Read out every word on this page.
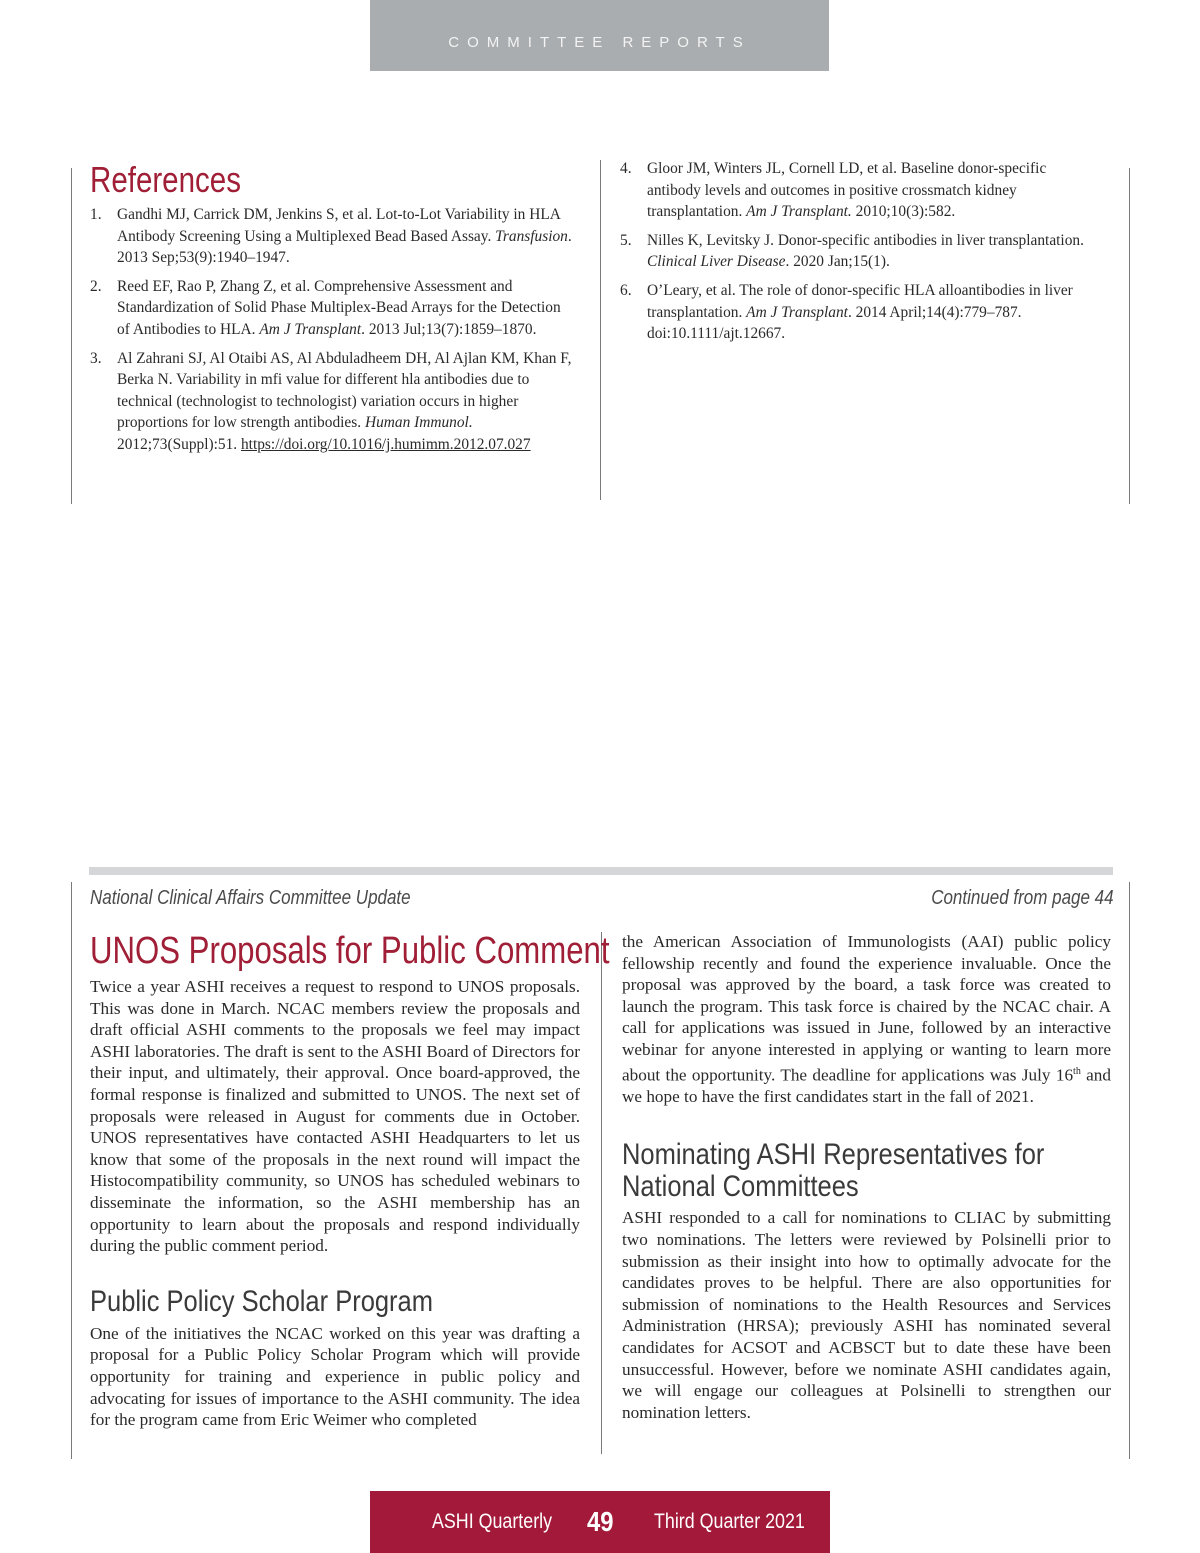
COMMITTEE REPORTS
References
1. Gandhi MJ, Carrick DM, Jenkins S, et al. Lot-to-Lot Variability in HLA Antibody Screening Using a Multiplexed Bead Based Assay. Transfusion. 2013 Sep;53(9):1940–1947.
2. Reed EF, Rao P, Zhang Z, et al. Comprehensive Assessment and Standardization of Solid Phase Multiplex-Bead Arrays for the Detection of Antibodies to HLA. Am J Transplant. 2013 Jul;13(7):1859–1870.
3. Al Zahrani SJ, Al Otaibi AS, Al Abduladheem DH, Al Ajlan KM, Khan F, Berka N. Variability in mfi value for different hla antibodies due to technical (technologist to technologist) variation occurs in higher proportions for low strength antibodies. Human Immunol. 2012;73(Suppl):51. https://doi.org/10.1016/j.humimm.2012.07.027
4. Gloor JM, Winters JL, Cornell LD, et al. Baseline donor-specific antibody levels and outcomes in positive crossmatch kidney transplantation. Am J Transplant. 2010;10(3):582.
5. Nilles K, Levitsky J. Donor-specific antibodies in liver transplantation. Clinical Liver Disease. 2020 Jan;15(1).
6. O’Leary, et al. The role of donor-specific HLA alloantibodies in liver transplantation. Am J Transplant. 2014 April;14(4):779–787. doi:10.1111/ajt.12667.
National Clinical Affairs Committee Update	Continued from page 44
UNOS Proposals for Public Comment

Twice a year ASHI receives a request to respond to UNOS proposals. This was done in March. NCAC members review the proposals and draft official ASHI comments to the proposals we feel may impact ASHI laboratories. The draft is sent to the ASHI Board of Directors for their input, and ultimately, their approval. Once board-approved, the formal response is finalized and submitted to UNOS. The next set of proposals were released in August for comments due in October. UNOS representatives have contacted ASHI Headquarters to let us know that some of the proposals in the next round will impact the Histocompatibility community, so UNOS has scheduled webinars to disseminate the information, so the ASHI membership has an opportunity to learn about the proposals and respond individually during the public comment period.

Public Policy Scholar Program

One of the initiatives the NCAC worked on this year was drafting a proposal for a Public Policy Scholar Program which will provide opportunity for training and experience in public policy and advocating for issues of importance to the ASHI community. The idea for the program came from Eric Weimer who completed

the American Association of Immunologists (AAI) public policy fellowship recently and found the experience invaluable. Once the proposal was approved by the board, a task force was created to launch the program. This task force is chaired by the NCAC chair. A call for applications was issued in June, followed by an interactive webinar for anyone interested in applying or wanting to learn more about the opportunity. The deadline for applications was July 16th and we hope to have the first candidates start in the fall of 2021.

Nominating ASHI Representatives for National Committees

ASHI responded to a call for nominations to CLIAC by submitting two nominations. The letters were reviewed by Polsinelli prior to submission as their insight into how to optimally advocate for the candidates proves to be helpful. There are also opportunities for submission of nominations to the Health Resources and Services Administration (HRSA); previously ASHI has nominated several candidates for ACSOT and ACBSCT but to date these have been unsuccessful. However, before we nominate ASHI candidates again, we will engage our colleagues at Polsinelli to strengthen our nomination letters.

ASHI Quarterly 49 Third Quarter 2021
